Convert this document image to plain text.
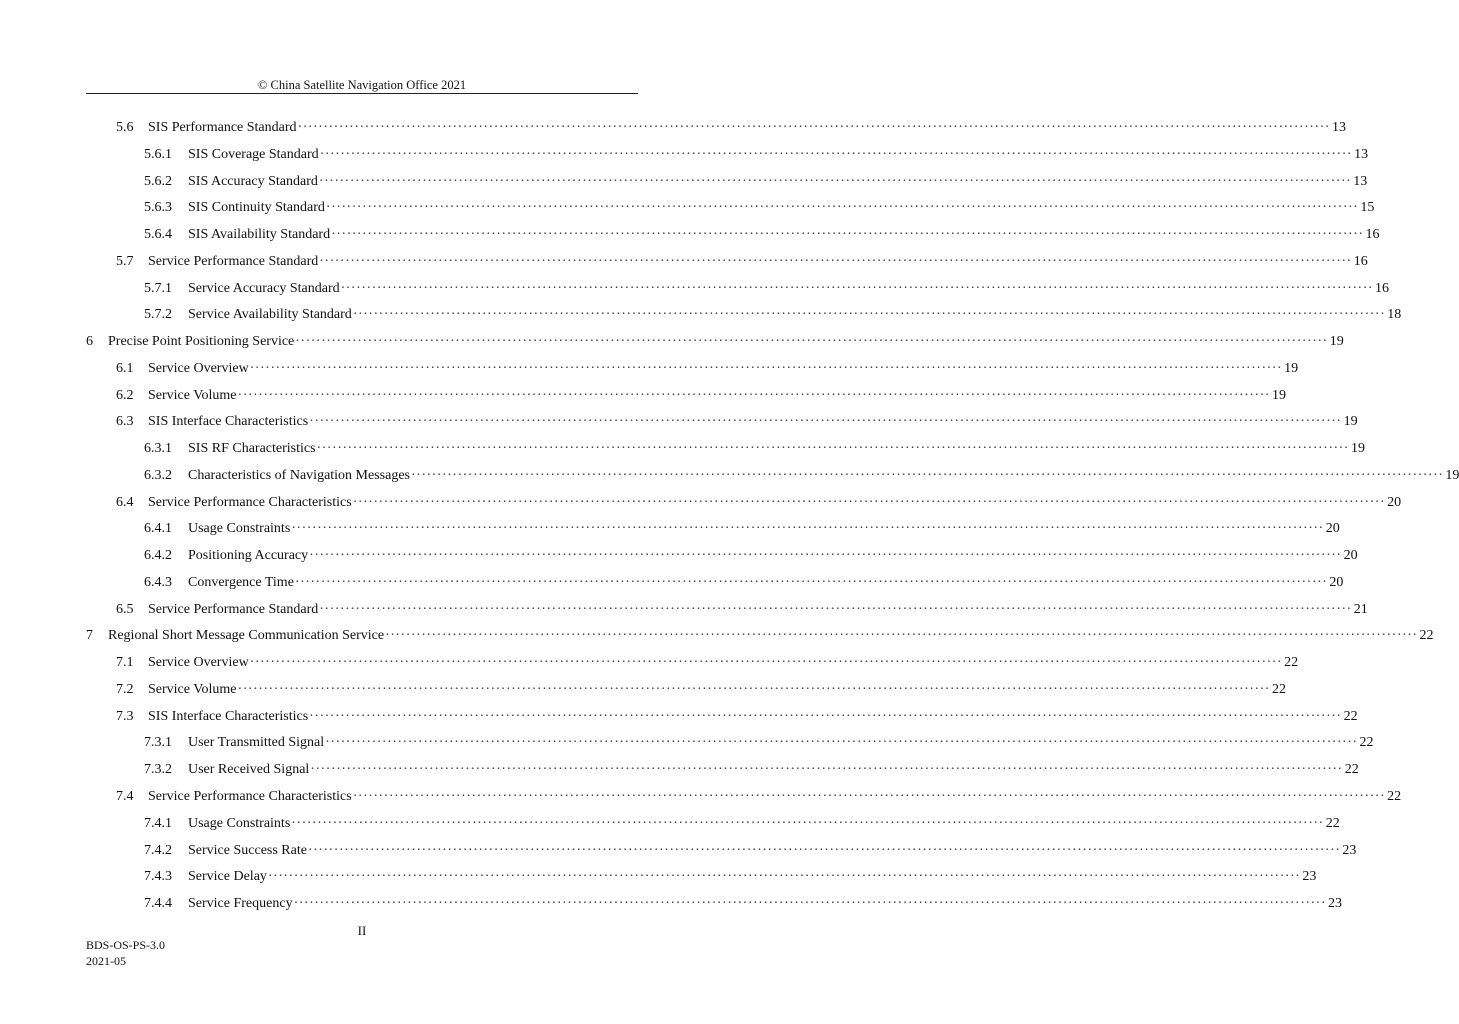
© China Satellite Navigation Office 2021
5.6	SIS Performance Standard ········································································································································································································ 13
5.6.1	SIS Coverage Standard ········································································································································································································ 13
5.6.2	SIS Accuracy Standard ········································································································································································································ 13
5.6.3	SIS Continuity Standard ········································································································································································································ 15
5.6.4	SIS Availability Standard ········································································································································································································ 16
5.7	Service Performance Standard ········································································································································································································ 16
5.7.1	Service Accuracy Standard ········································································································································································································ 16
5.7.2	Service Availability Standard ········································································································································································································ 18
6	Precise Point Positioning Service ········································································································································································································ 19
6.1	Service Overview ········································································································································································································ 19
6.2	Service Volume ········································································································································································································ 19
6.3	SIS Interface Characteristics ········································································································································································································ 19
6.3.1	SIS RF Characteristics ········································································································································································································ 19
6.3.2	Characteristics of Navigation Messages ········································································································································································································ 19
6.4	Service Performance Characteristics ········································································································································································································ 20
6.4.1	Usage Constraints ········································································································································································································ 20
6.4.2	Positioning Accuracy ········································································································································································································ 20
6.4.3	Convergence Time ········································································································································································································ 20
6.5	Service Performance Standard ········································································································································································································ 21
7	Regional Short Message Communication Service ········································································································································································································ 22
7.1	Service Overview ········································································································································································································ 22
7.2	Service Volume ········································································································································································································ 22
7.3	SIS Interface Characteristics ········································································································································································································ 22
7.3.1	User Transmitted Signal ········································································································································································································ 22
7.3.2	User Received Signal ········································································································································································································ 22
7.4	Service Performance Characteristics ········································································································································································································ 22
7.4.1	Usage Constraints ········································································································································································································ 22
7.4.2	Service Success Rate ········································································································································································································ 23
7.4.3	Service Delay ········································································································································································································ 23
7.4.4	Service Frequency ········································································································································································································ 23
II
BDS-OS-PS-3.0
2021-05
